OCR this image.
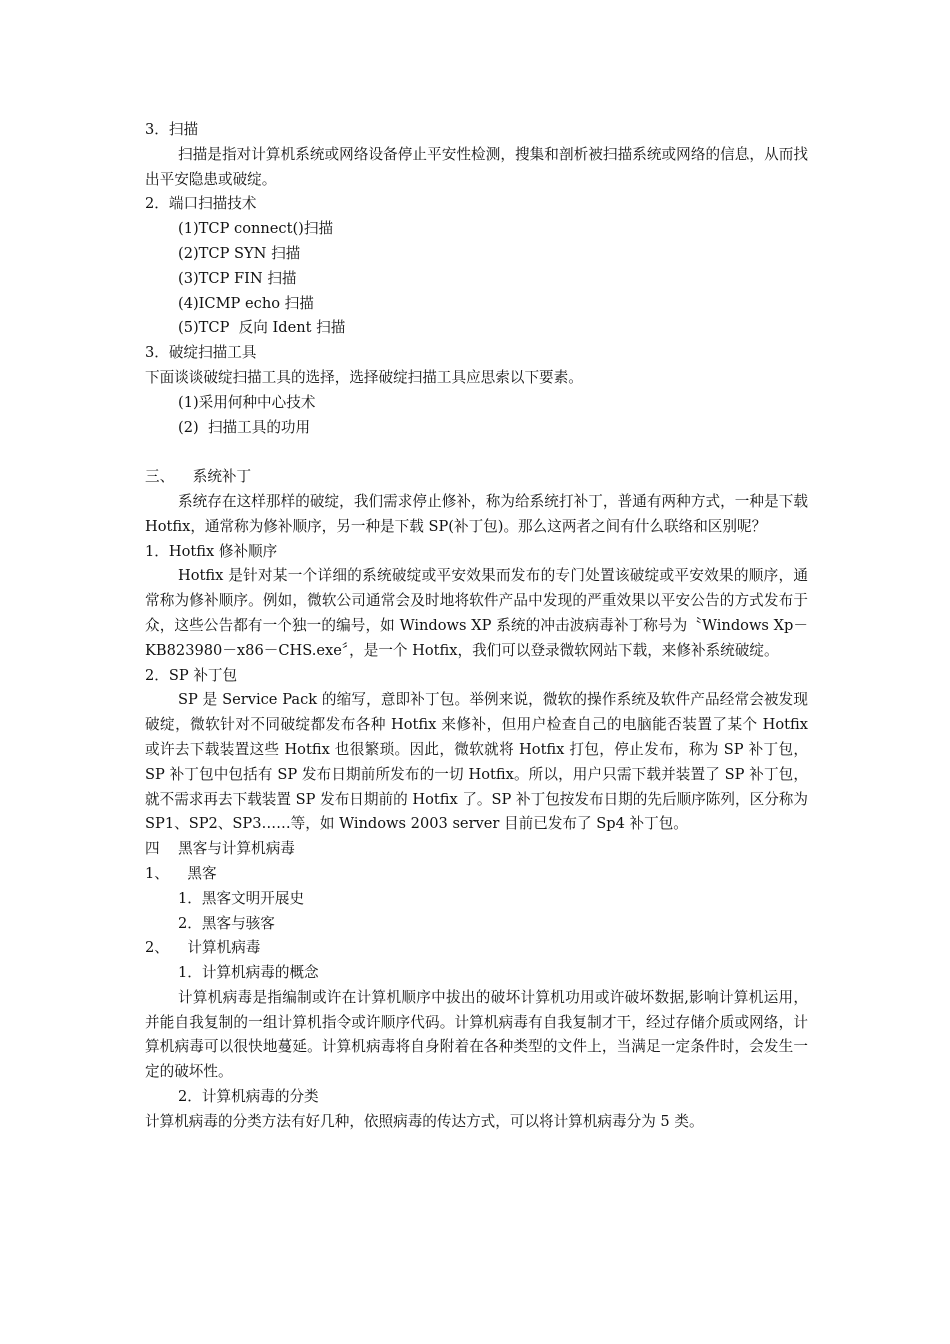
3．扫描
扫描是指对计算机系统或网络设备停止平安性检测，搜集和剖析被扫描系统或网络的信息，从而找出平安隐患或破绽。
2．端口扫描技术
(1)TCP connect()扫描
(2)TCP SYN 扫描
(3)TCP FIN 扫描
(4)ICMP echo 扫描
(5)TCP  反向 Ident 扫描
3．破绽扫描工具
下面谈谈破绽扫描工具的选择，选择破绽扫描工具应思索以下要素。
(1)采用何种中心技术
(2)  扫描工具的功用
三、    系统补丁
系统存在这样那样的破绽，我们需求停止修补，称为给系统打补丁，普通有两种方式，一种是下载 Hotfix，通常称为修补顺序，另一种是下载 SP(补丁包)。那么这两者之间有什么联络和区别呢？
1．Hotfix 修补顺序
Hotfix 是针对某一个详细的系统破绽或平安效果而发布的专门处置该破绽或平安效果的顺序，通常称为修补顺序。例如，微软公司通常会及时地将软件产品中发现的严重效果以平安公告的方式发布于众，这些公告都有一个独一的编号，如 Windows XP 系统的冲击波病毒补丁称号为〝Windows Xp－KB823980－x86－CHS.exe〞，是一个 Hotfix，我们可以登录微软网站下载，来修补系统破绽。
2．SP 补丁包
SP 是 Service Pack 的缩写，意即补丁包。举例来说，微软的操作系统及软件产品经常会被发现破绽，微软针对不同破绽都发布各种 Hotfix 来修补，但用户检查自己的电脑能否装置了某个 Hotfix 或许去下载装置这些 Hotfix 也很繁琐。因此，微软就将 Hotfix 打包，停止发布，称为 SP 补丁包， SP 补丁包中包括有 SP 发布日期前所发布的一切 Hotfix。所以，用户只需下载并装置了 SP 补丁包，就不需求再去下载装置 SP 发布日期前的 Hotfix 了。SP 补丁包按发布日期的先后顺序陈列，区分称为 SP1、SP2、SP3……等，如 Windows 2003 server 目前已发布了 Sp4 补丁包。
四    黑客与计算机病毒
1、    黑客
1．黑客文明开展史
2．黑客与骇客
2、    计算机病毒
1．计算机病毒的概念
计算机病毒是指编制或许在计算机顺序中拔出的破坏计算机功用或许破坏数据,影响计算机运用，并能自我复制的一组计算机指令或许顺序代码。计算机病毒有自我复制才干，经过存储介质或网络，计算机病毒可以很快地蔓延。计算机病毒将自身附着在各种类型的文件上，当满足一定条件时，会发生一定的破坏性。
2．计算机病毒的分类
计算机病毒的分类方法有好几种，依照病毒的传达方式，可以将计算机病毒分为 5 类。
